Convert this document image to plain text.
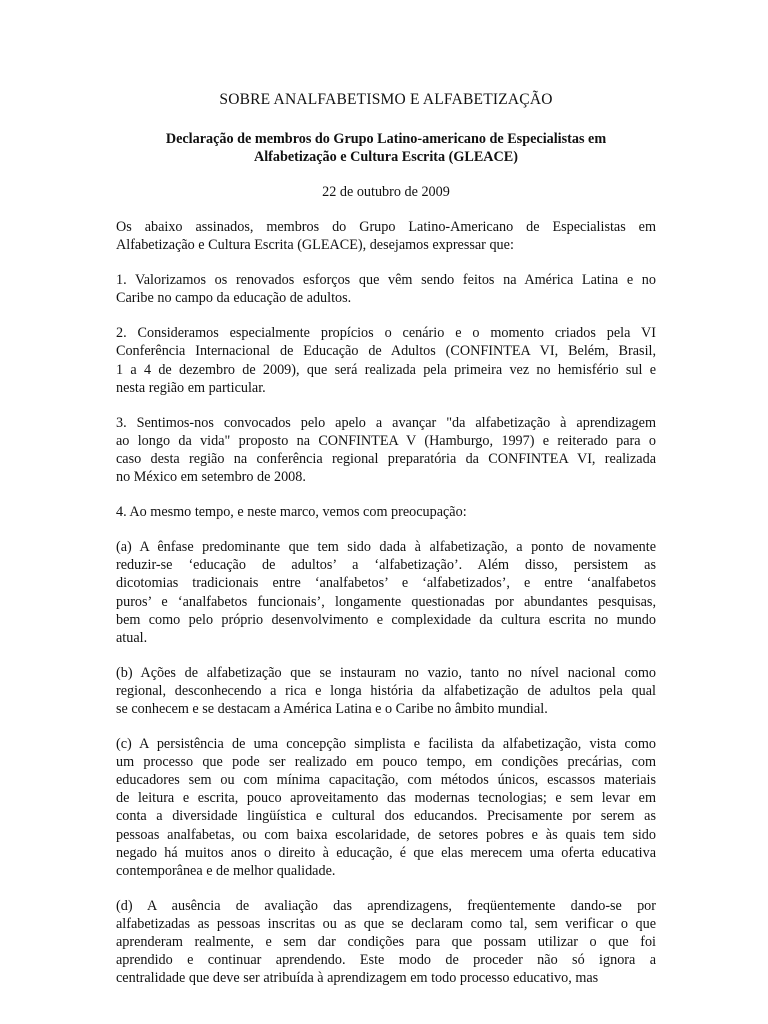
SOBRE ANALFABETISMO E ALFABETIZAÇÃO
Declaração de membros do Grupo Latino-americano de Especialistas em
Alfabetização e Cultura Escrita (GLEACE)
22 de outubro de 2009
Os abaixo assinados, membros do Grupo Latino-Americano de Especialistas em
Alfabetização e Cultura Escrita (GLEACE), desejamos expressar que:
1. Valorizamos os renovados esforços que vêm sendo feitos na América Latina e no
Caribe no campo da educação de adultos.
2. Consideramos especialmente propícios o cenário e o momento criados pela VI
Conferência Internacional de Educação de Adultos (CONFINTEA VI, Belém, Brasil,
1 a 4 de dezembro de 2009), que será realizada pela primeira vez no hemisfério sul e
nesta região em particular.
3. Sentimos-nos convocados pelo apelo a avançar "da alfabetização à aprendizagem
ao longo da vida" proposto na CONFINTEA V (Hamburgo, 1997) e reiterado para o
caso desta região na conferência regional preparatória da CONFINTEA VI, realizada
no México em setembro de 2008.
4. Ao mesmo tempo, e neste marco, vemos com preocupação:
(a) A ênfase predominante que tem sido dada à alfabetização, a ponto de novamente
reduzir-se ‘educação de adultos’ a ‘alfabetização’. Além disso, persistem as
dicotomias tradicionais entre ‘analfabetos’ e ‘alfabetizados’, e entre ‘analfabetos
puros’ e ‘analfabetos funcionais’, longamente questionadas por abundantes pesquisas,
bem como pelo próprio desenvolvimento e complexidade da cultura escrita no mundo
atual.
(b) Ações de alfabetização que se instauram no vazio, tanto no nível nacional como
regional, desconhecendo a rica e longa história da alfabetização de adultos pela qual
se conhecem e se destacam a América Latina e o Caribe no âmbito mundial.
(c) A persistência de uma concepção simplista e facilista da alfabetização, vista como
um processo que pode ser realizado em pouco tempo, em condições precárias, com
educadores sem ou com mínima capacitação, com métodos únicos, escassos materiais
de leitura e escrita, pouco aproveitamento das modernas tecnologias; e sem levar em
conta a diversidade lingüística e cultural dos educandos. Precisamente por serem as
pessoas analfabetas, ou com baixa escolaridade, de setores pobres e às quais tem sido
negado há muitos anos o direito à educação, é que elas merecem uma oferta educativa
contemporânea e de melhor qualidade.
(d) A ausência de avaliação das aprendizagens, freqüentemente dando-se por
alfabetizadas as pessoas inscritas ou as que se declaram como tal, sem verificar o que
aprenderam realmente, e sem dar condições para que possam utilizar o que foi
aprendido e continuar aprendendo. Este modo de proceder não só ignora a
centralidade que deve ser atribuída à aprendizagem em todo processo educativo, mas
